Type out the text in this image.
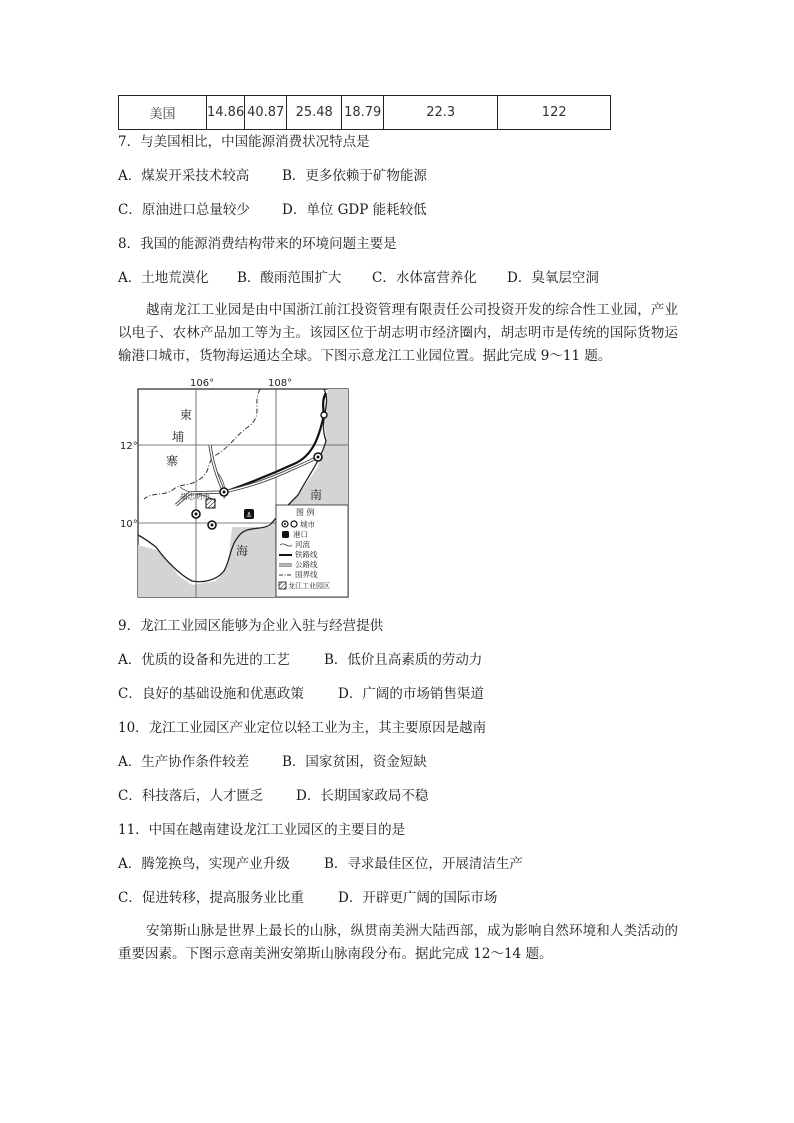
美国	14.86	40.87	25.48	18.79	22.3	122
7．与美国相比，中国能源消费状况特点是
A．煤炭开采技术较高 B．更多依赖于矿物能源
C．原油进口总量较少 D．单位 GDP 能耗较低
8．我国的能源消费结构带来的环境问题主要是
A．土地荒漠化 B．酸雨范围扩大 C．水体富营养化 D．臭氧层空洞
越南龙江工业园是由中国浙江前江投资管理有限责任公司投资开发的综合性工业园，产业以电子、农林产品加工等为主。该园区位于胡志明市经济圈内，胡志明市是传统的国际货物运输港口城市，货物海运通达全球。下图示意龙江工业园位置。据此完成 9～11 题。
⚓
106°	108°
12°
10°
柬
埔
寨
胡志明市	南
海
图 例
城市
港口
河流
铁路线
公路线
国界线
龙江工业园区
9．龙江工业园区能够为企业入驻与经营提供
A．优质的设备和先进的工艺	B．低价且高素质的劳动力
C．良好的基础设施和优惠政策	D．广阔的市场销售渠道
10．龙江工业园区产业定位以轻工业为主，其主要原因是越南
A．生产协作条件较差 B．国家贫困，资金短缺
C．科技落后，人才匮乏 D．长期国家政局不稳
11．中国在越南建设龙江工业园区的主要目的是
A．腾笼换鸟，实现产业升级	B．寻求最佳区位，开展清洁生产
C．促进转移，提高服务业比重	D．开辟更广阔的国际市场
安第斯山脉是世界上最长的山脉，纵贯南美洲大陆西部，成为影响自然环境和人类活动的重要因素。下图示意南美洲安第斯山脉南段分布。据此完成 12～14 题。
